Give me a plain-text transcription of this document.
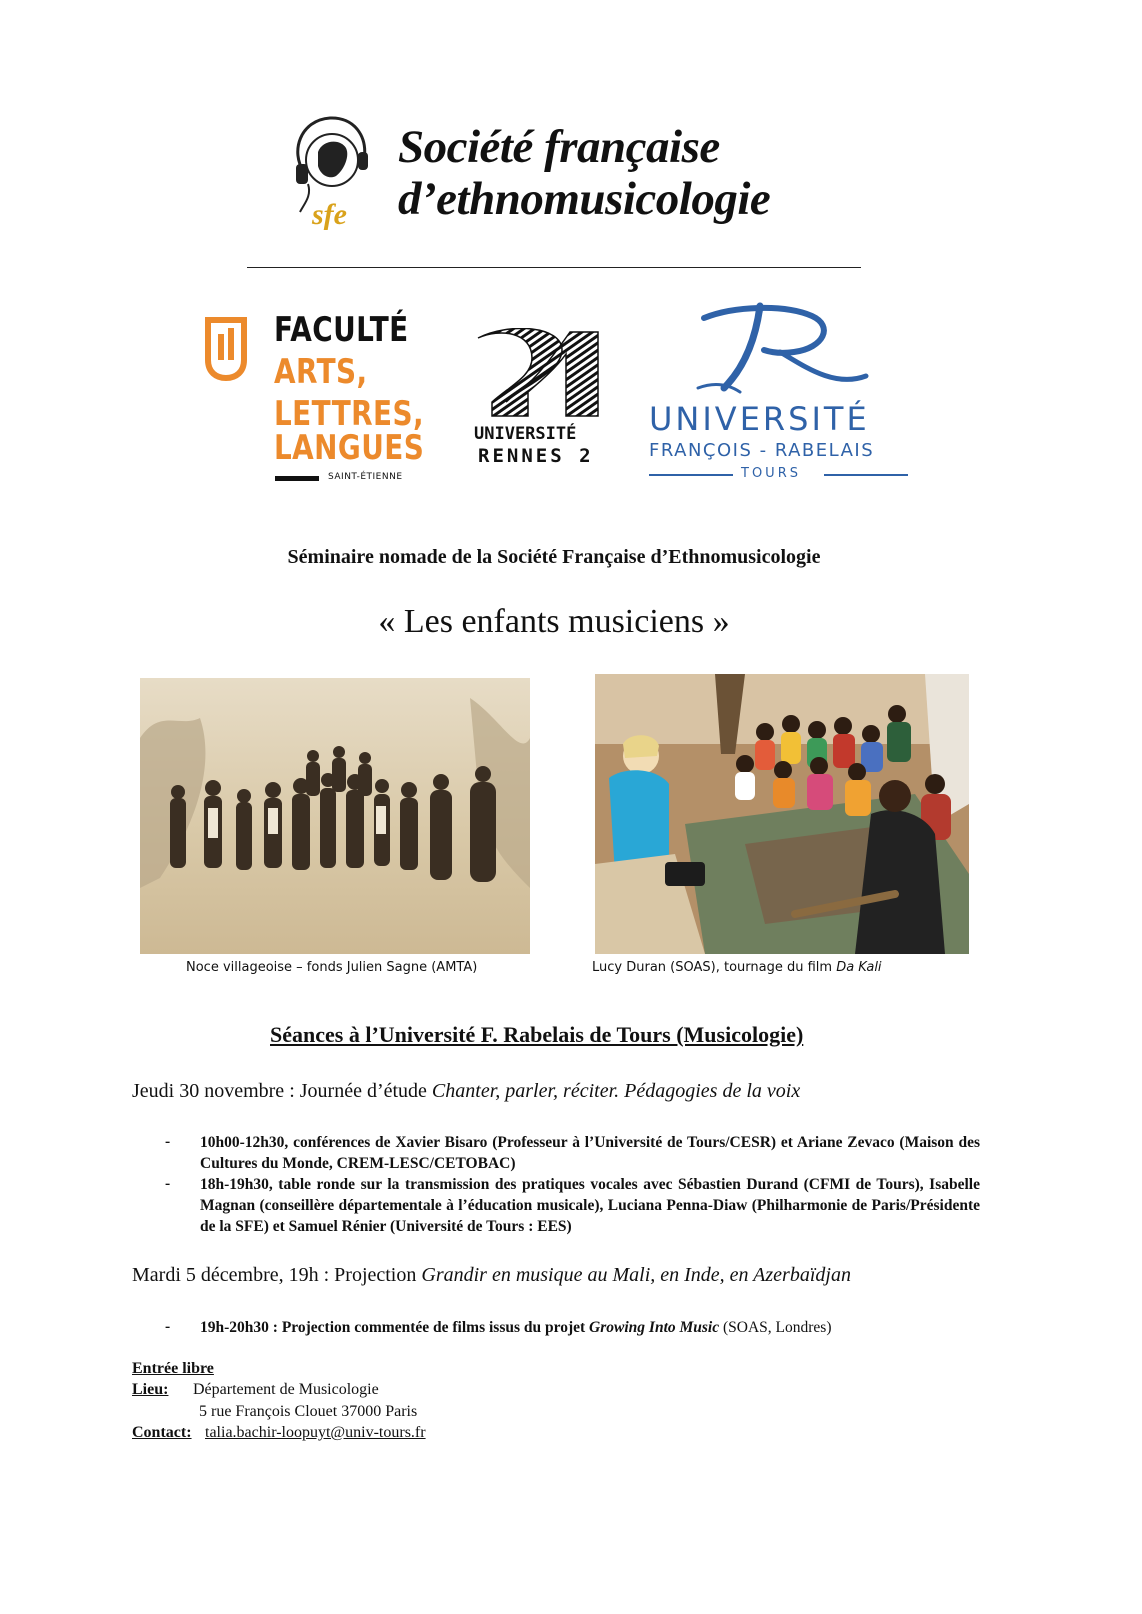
sfe
Société française
d’ethnomusicologie
FACULTÉ
ARTS,
LETTRES,
LANGUES
SAINT-ÉTIENNE
UNIVERSITÉ
RENNES 2
UNIVERSITÉ
FRANÇOIS - RABELAIS
TOURS
Séminaire nomade de la Société Française d’Ethnomusicologie
« Les enfants musiciens »
Noce villageoise – fonds Julien Sagne (AMTA)	Lucy Duran (SOAS), tournage du film Da Kali
Séances à l’Université F. Rabelais de Tours (Musicologie)
Jeudi 30 novembre : Journée d’étude Chanter, parler, réciter. Pédagogies de la voix
- 10h00-12h30, conférences de Xavier Bisaro (Professeur à l’Université de Tours/CESR) et Ariane Zevaco (Maison des Cultures du Monde, CREM-LESC/CETOBAC)
- 18h-19h30, table ronde sur la transmission des pratiques vocales avec Sébastien Durand (CFMI de Tours), Isabelle Magnan (conseillère départementale à l’éducation musicale), Luciana Penna-Diaw (Philharmonie de Paris/Présidente de la SFE) et Samuel Rénier (Université de Tours : EES)
Mardi 5 décembre, 19h : Projection Grandir en musique au Mali, en Inde, en Azerbaïdjan
- 19h-20h30 : Projection commentée de films issus du projet Growing Into Music (SOAS, Londres)
Entrée libre
Lieu: Département de Musicologie
5 rue François Clouet 37000 Paris
Contact: talia.bachir-loopuyt@univ-tours.fr
